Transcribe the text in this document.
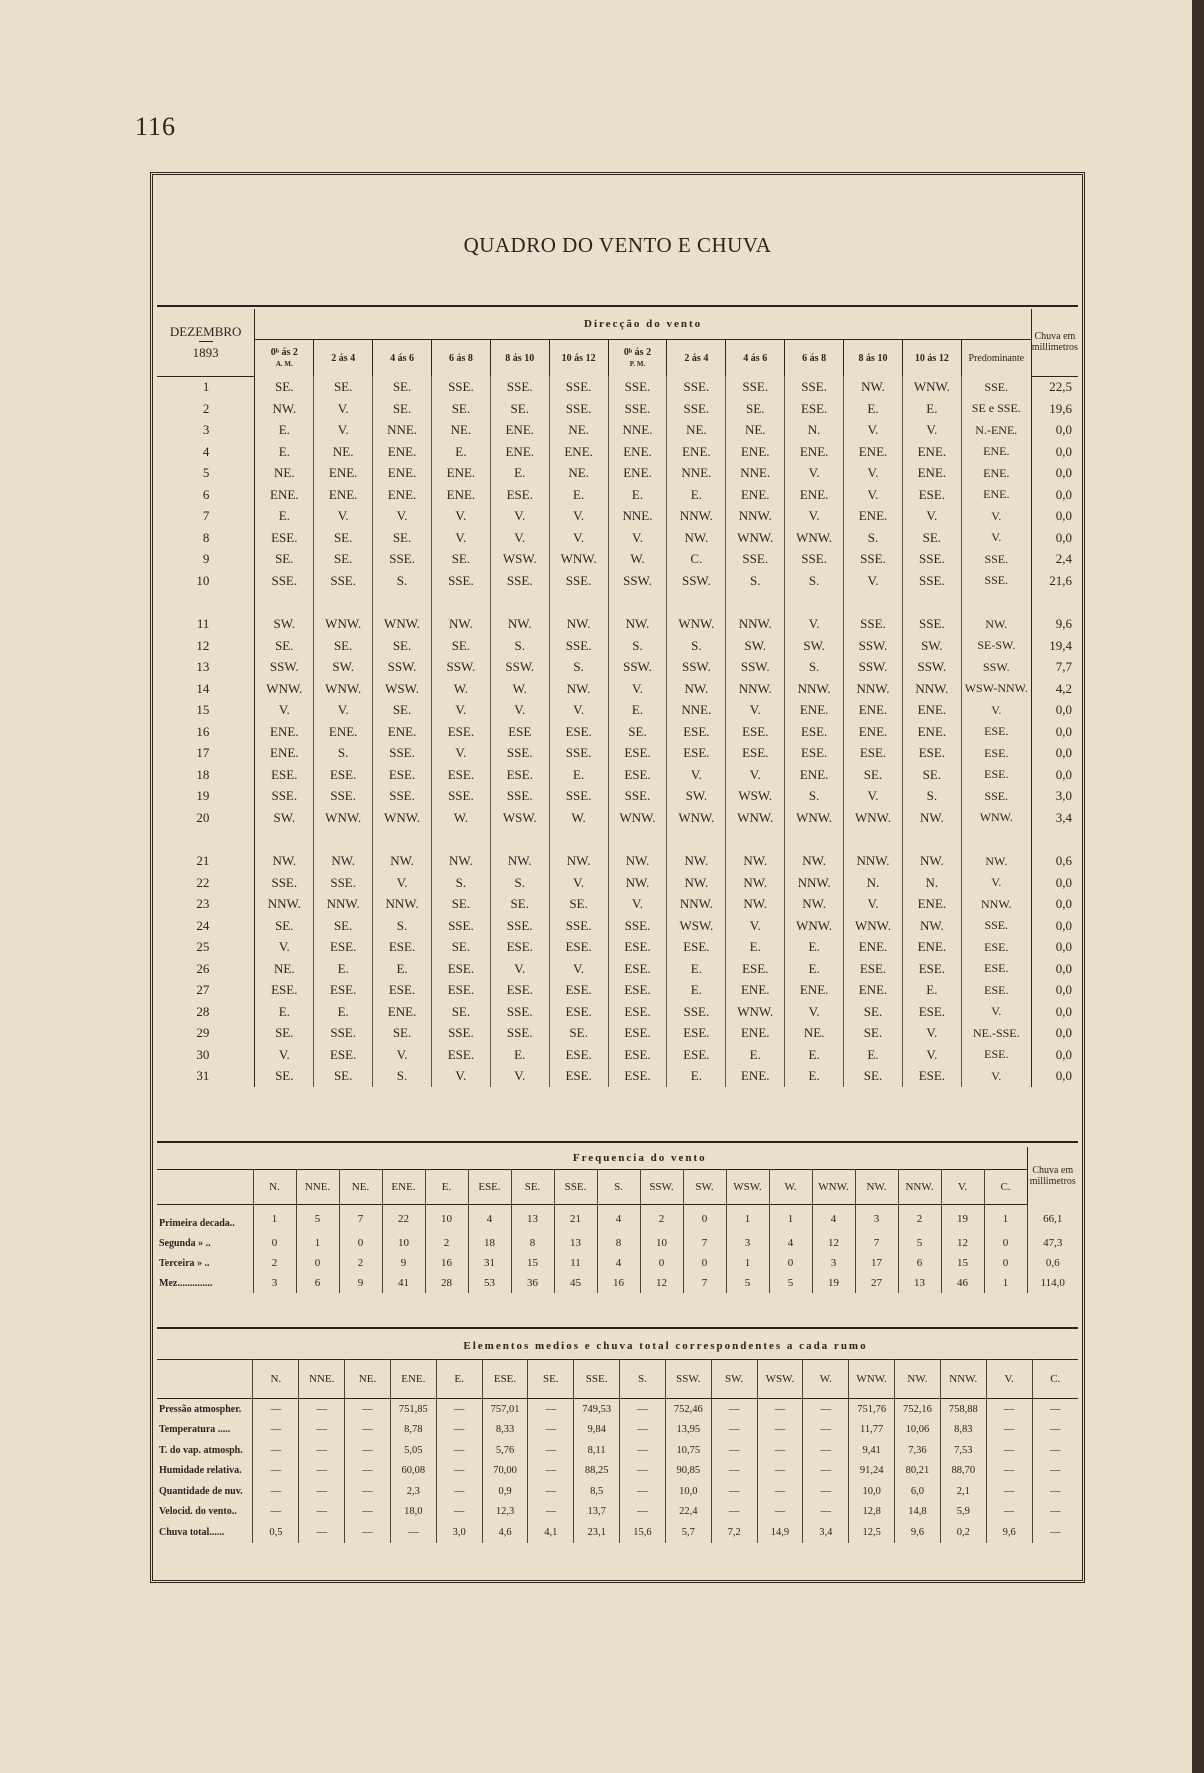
116
QUADRO DO VENTO E CHUVA
DEZEMBRO
1893	Direcção do vento													Chuva em millimetros
	0ʰ ás 2
A. M.	2 ás 4	4 ás 6	6 ás 8	8 ás 10	10 ás 12	0ʰ ás 2
P. M.	2 ás 4	4 ás 6	6 ás 8	8 ás 10	10 ás 12	Predominante	
1	SE.	SE.	SE.	SSE.	SSE.	SSE.	SSE.	SSE.	SSE.	SSE.	NW.	WNW.	SSE.	22,5
2	NW.	V.	SE.	SE.	SE.	SSE.	SSE.	SSE.	SE.	ESE.	E.	E.	SE e SSE.	19,6
3	E.	V.	NNE.	NE.	ENE.	NE.	NNE.	NE.	NE.	N.	V.	V.	N.-ENE.	0,0
4	E.	NE.	ENE.	E.	ENE.	ENE.	ENE.	ENE.	ENE.	ENE.	ENE.	ENE.	ENE.	0,0
5	NE.	ENE.	ENE.	ENE.	E.	NE.	ENE.	NNE.	NNE.	V.	V.	ENE.	ENE.	0,0
6	ENE.	ENE.	ENE.	ENE.	ESE.	E.	E.	E.	ENE.	ENE.	V.	ESE.	ENE.	0,0
7	E.	V.	V.	V.	V.	V.	NNE.	NNW.	NNW.	V.	ENE.	V.	V.	0,0
8	ESE.	SE.	SE.	V.	V.	V.	V.	NW.	WNW.	WNW.	S.	SE.	V.	0,0
9	SE.	SE.	SSE.	SE.	WSW.	WNW.	W.	C.	SSE.	SSE.	SSE.	SSE.	SSE.	2,4
10	SSE.	SSE.	S.	SSE.	SSE.	SSE.	SSW.	SSW.	S.	S.	V.	SSE.	SSE.	21,6

11	SW.	WNW.	WNW.	NW.	NW.	NW.	NW.	WNW.	NNW.	V.	SSE.	SSE.	NW.	9,6
12	SE.	SE.	SE.	SE.	S.	SSE.	S.	S.	SW.	SW.	SSW.	SW.	SE-SW.	19,4
13	SSW.	SW.	SSW.	SSW.	SSW.	S.	SSW.	SSW.	SSW.	S.	SSW.	SSW.	SSW.	7,7
14	WNW.	WNW.	WSW.	W.	W.	NW.	V.	NW.	NNW.	NNW.	NNW.	NNW.	WSW-NNW.	4,2
15	V.	V.	SE.	V.	V.	V.	E.	NNE.	V.	ENE.	ENE.	ENE.	V.	0,0
16	ENE.	ENE.	ENE.	ESE.	ESE	ESE.	SE.	ESE.	ESE.	ESE.	ENE.	ENE.	ESE.	0,0
17	ENE.	S.	SSE.	V.	SSE.	SSE.	ESE.	ESE.	ESE.	ESE.	ESE.	ESE.	ESE.	0,0
18	ESE.	ESE.	ESE.	ESE.	ESE.	E.	ESE.	V.	V.	ENE.	SE.	SE.	ESE.	0,0
19	SSE.	SSE.	SSE.	SSE.	SSE.	SSE.	SSE.	SW.	WSW.	S.	V.	S.	SSE.	3,0
20	SW.	WNW.	WNW.	W.	WSW.	W.	WNW.	WNW.	WNW.	WNW.	WNW.	NW.	WNW.	3,4

21	NW.	NW.	NW.	NW.	NW.	NW.	NW.	NW.	NW.	NW.	NNW.	NW.	NW.	0,6
22	SSE.	SSE.	V.	S.	S.	V.	NW.	NW.	NW.	NNW.	N.	N.	V.	0,0
23	NNW.	NNW.	NNW.	SE.	SE.	SE.	V.	NNW.	NW.	NW.	V.	ENE.	NNW.	0,0
24	SE.	SE.	S.	SSE.	SSE.	SSE.	SSE.	WSW.	V.	WNW.	WNW.	NW.	SSE.	0,0
25	V.	ESE.	ESE.	SE.	ESE.	ESE.	ESE.	ESE.	E.	E.	ENE.	ENE.	ESE.	0,0
26	NE.	E.	E.	ESE.	V.	V.	ESE.	E.	ESE.	E.	ESE.	ESE.	ESE.	0,0
27	ESE.	ESE.	ESE.	ESE.	ESE.	ESE.	ESE.	E.	ENE.	ENE.	ENE.	E.	ESE.	0,0
28	E.	E.	ENE.	SE.	SSE.	ESE.	ESE.	SSE.	WNW.	V.	SE.	ESE.	V.	0,0
29	SE.	SSE.	SE.	SSE.	SSE.	SE.	ESE.	ESE.	ENE.	NE.	SE.	V.	NE.-SSE.	0,0
30	V.	ESE.	V.	ESE.	E.	ESE.	ESE.	ESE.	E.	E.	E.	V.	ESE.	0,0
31	SE.	SE.	S.	V.	V.	ESE.	ESE.	E.	ENE.	E.	SE.	ESE.	V.	0,0
	Frequencia do vento																		Chuva em millimetros
	N.	NNE.	NE.	ENE.	E.	ESE.	SE.	SSE.	S.	SSW.	SW.	WSW.	W.	WNW.	NW.	NNW.	V.	C.	
Primeira decada..	1	5	7	22	10	4	13	21	4	2	0	1	1	4	3	2	19	1	66,1
Segunda » ..	0	1	0	10	2	18	8	13	8	10	7	3	4	12	7	5	12	0	47,3
Terceira » ..	2	0	2	9	16	31	15	11	4	0	0	1	0	3	17	6	15	0	0,6
Mez..............	3	6	9	41	28	53	36	45	16	12	7	5	5	19	27	13	46	1	114,0
	Elementos medios e chuva total correspondentes a cada rumo																	
	N.	NNE.	NE.	ENE.	E.	ESE.	SE.	SSE.	S.	SSW.	SW.	WSW.	W.	WNW.	NW.	NNW.	V.	C.
Pressão atmospher.	—	—	—	751,85	—	757,01	—	749,53	—	752,46	—	—	—	751,76	752,16	758,88	—	—
Temperatura .....	—	—	—	8,78	—	8,33	—	9,84	—	13,95	—	—	—	11,77	10,06	8,83	—	—
T. do vap. atmosph.	—	—	—	5,05	—	5,76	—	8,11	—	10,75	—	—	—	9,41	7,36	7,53	—	—
Humidade relativa.	—	—	—	60,08	—	70,00	—	88,25	—	90,85	—	—	—	91,24	80,21	88,70	—	—
Quantidade de nuv.	—	—	—	2,3	—	0,9	—	8,5	—	10,0	—	—	—	10,0	6,0	2,1	—	—
Velocid. do vento..	—	—	—	18,0	—	12,3	—	13,7	—	22,4	—	—	—	12,8	14,8	5,9	—	—
Chuva total......	0,5	—	—	—	3,0	4,6	4,1	23,1	15,6	5,7	7,2	14,9	3,4	12,5	9,6	0,2	9,6	—
